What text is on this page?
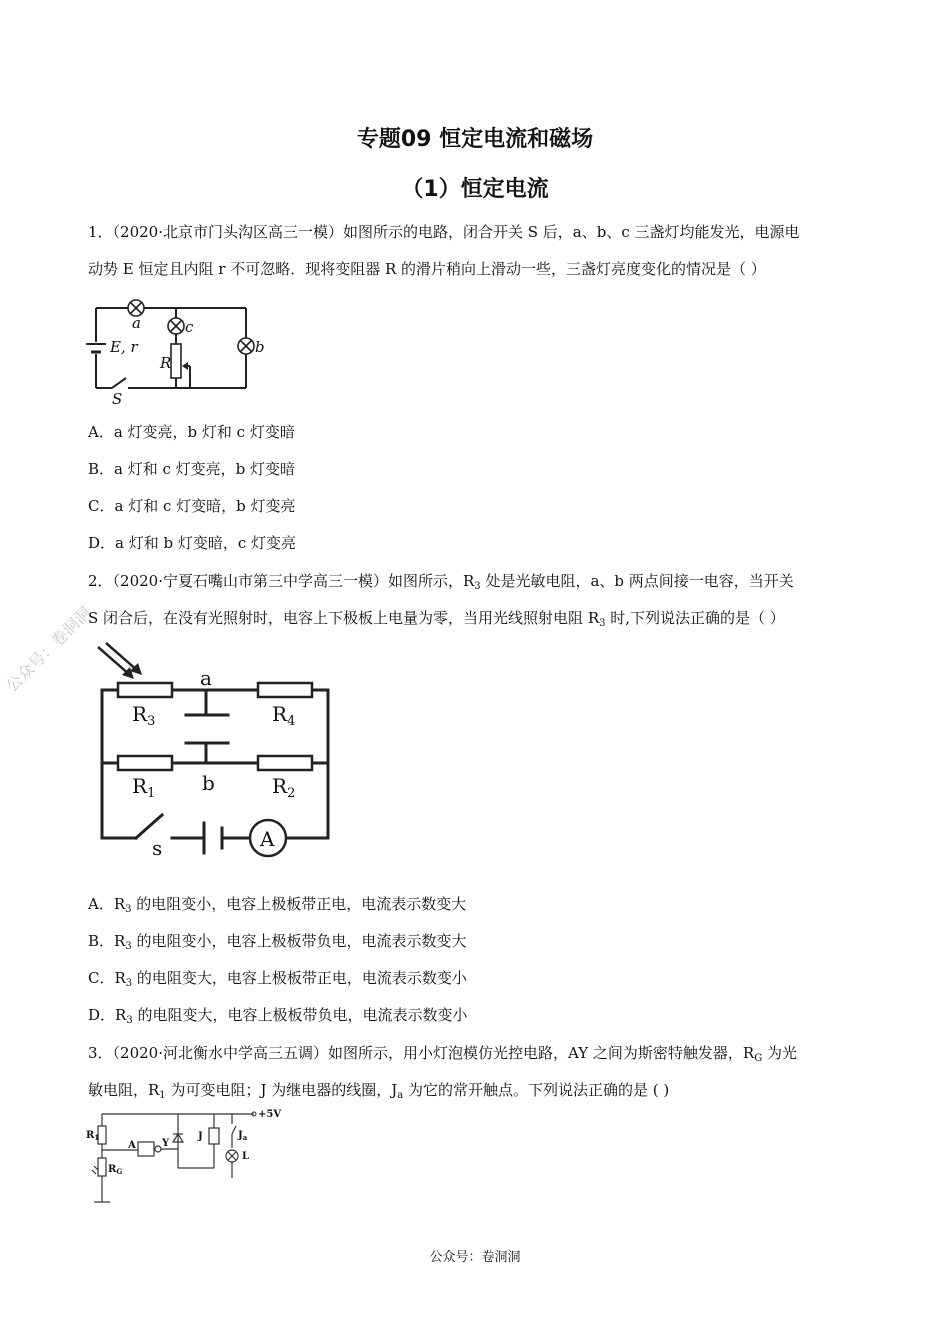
专题09 恒定电流和磁场
（1）恒定电流
公众号：卷洞洞
1．（2020·北京市门头沟区高三一模）如图所示的电路，闭合开关 S 后，a、b、c 三盏灯均能发光，电源电
动势 E 恒定且内阻 r 不可忽略．现将变阻器 R 的滑片稍向上滑动一些，三盏灯亮度变化的情况是（ ）
a	c
b
E, r
R
S
A．a 灯变亮，b 灯和 c 灯变暗
B．a 灯和 c 灯变亮，b 灯变暗
C．a 灯和 c 灯变暗，b 灯变亮
D．a 灯和 b 灯变暗，c 灯变亮
2．（2020·宁夏石嘴山市第三中学高三一模）如图所示，$R_3$ 处是光敏电阻，a、b 两点间接一电容，当开关
S 闭合后，在没有光照射时，电容上下极板上电量为零，当用光线照射电阻 $R_3$ 时,下列说法正确的是（ ）
a
b
$R_3$	$R_4$
$R_1$	$R_2$
s	A
A．$R_3$ 的电阻变小，电容上极板带正电，电流表示数变大
B．$R_3$ 的电阻变小，电容上极板带负电，电流表示数变大
C．$R_3$ 的电阻变大，电容上极板带正电，电流表示数变小
D．$R_3$ 的电阻变大，电容上极板带负电，电流表示数变小
3．（2020·河北衡水中学高三五调）如图所示，用小灯泡模仿光控电路，AY 之间为斯密特触发器，$R_G$ 为光
敏电阻，$R_1$ 为可变电阻；J 为继电器的线圈，$J_a$ 为它的常开触点。下列说法正确的是 ( )
+5V
$R_1$
$R_G$
A	Y
J	$J_a$
L
公众号：卷洞洞
